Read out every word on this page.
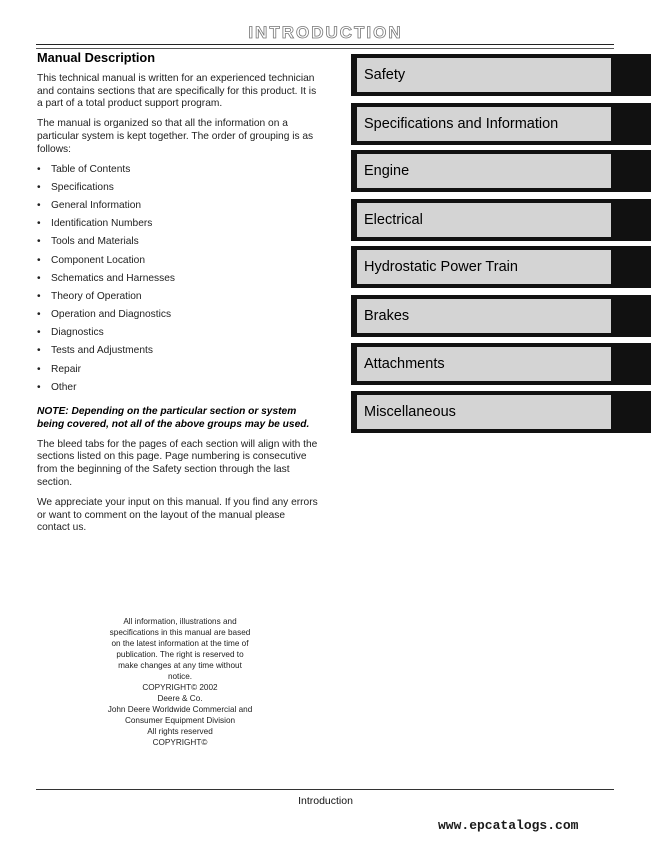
INTRODUCTION
Manual Description

This technical manual is written for an experienced technician and contains sections that are specifically for this product. It is a part of a total product support program.

The manual is organized so that all the information on a particular system is kept together. The order of grouping is as follows:

• Table of Contents
• Specifications
• General Information
• Identification Numbers
• Tools and Materials
• Component Location
• Schematics and Harnesses
• Theory of Operation
• Operation and Diagnostics
• Diagnostics
• Tests and Adjustments
• Repair
• Other

NOTE: Depending on the particular section or system being covered, not all of the above groups may be used.

The bleed tabs for the pages of each section will align with the sections listed on this page. Page numbering is consecutive from the beginning of the Safety section through the last section.

We appreciate your input on this manual. If you find any errors or want to comment on the layout of the manual please contact us.

Safety
Specifications and Information
Engine
Electrical
Hydrostatic Power Train
Brakes
Attachments
Miscellaneous
All information, illustrations and
specifications in this manual are based
on the latest information at the time of
publication. The right is reserved to
make changes at any time without
notice.
COPYRIGHT© 2002
Deere & Co.
John Deere Worldwide Commercial and
Consumer Equipment Division
All rights reserved
COPYRIGHT©
Introduction
www.epcatalogs.com
